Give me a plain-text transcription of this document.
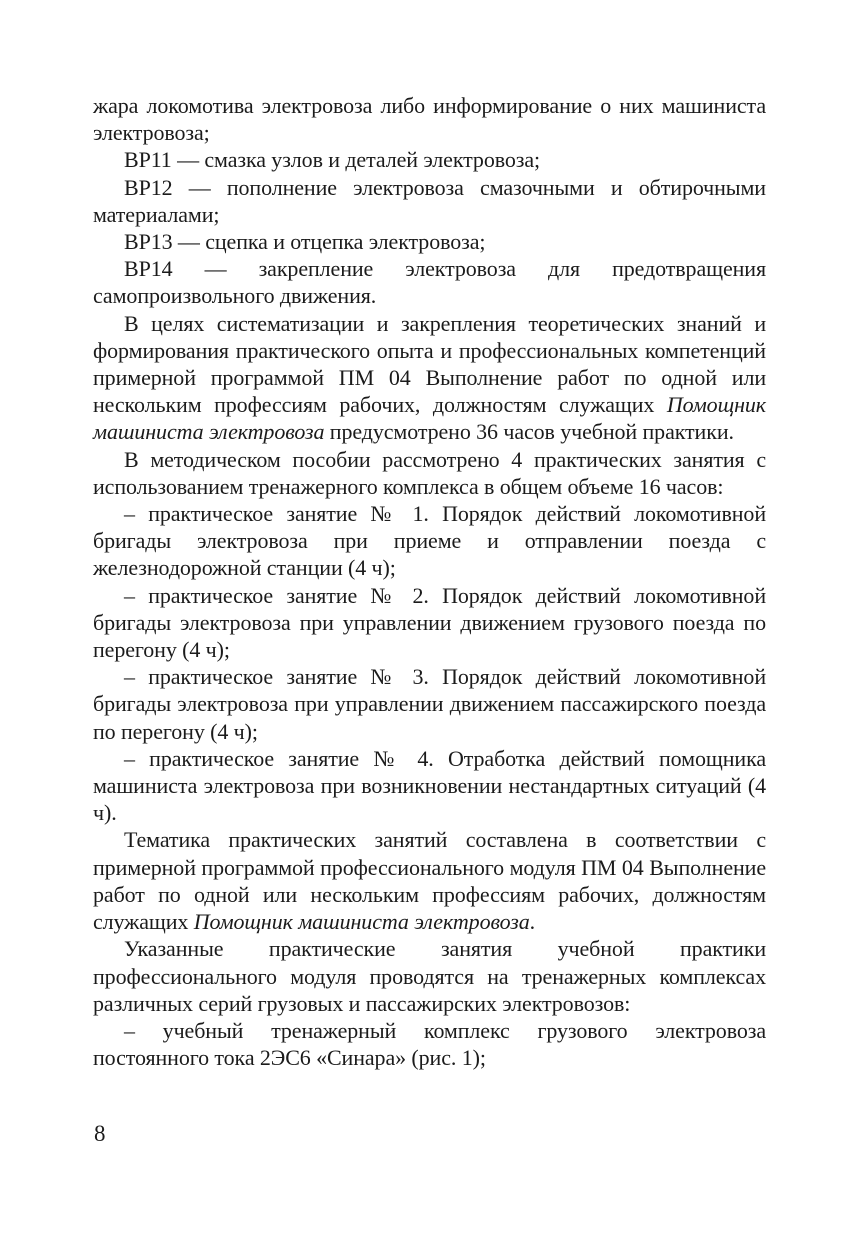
жара локомотива электровоза либо информирование о них машиниста электровоза;

ВР11 — смазка узлов и деталей электровоза;

ВР12 — пополнение электровоза смазочными и обтирочными материалами;

ВР13 — сцепка и отцепка электровоза;

ВР14 — закрепление электровоза для предотвращения самопроизвольного движения.

В целях систематизации и закрепления теоретических знаний и формирования практического опыта и профессиональных компетенций примерной программой ПМ 04 Выполнение работ по одной или нескольким профессиям рабочих, должностям служащих Помощник машиниста электровоза предусмотрено 36 часов учебной практики.

В методическом пособии рассмотрено 4 практических занятия с использованием тренажерного комплекса в общем объеме 16 часов:

– практическое занятие № 1. Порядок действий локомотивной бригады электровоза при приеме и отправлении поезда с железнодорожной станции (4 ч);

– практическое занятие № 2. Порядок действий локомотивной бригады электровоза при управлении движением грузового поезда по перегону (4 ч);

– практическое занятие № 3. Порядок действий локомотивной бригады электровоза при управлении движением пассажирского поезда по перегону (4 ч);

– практическое занятие № 4. Отработка действий помощника машиниста электровоза при возникновении нестандартных ситуаций (4 ч).

Тематика практических занятий составлена в соответствии с примерной программой профессионального модуля ПМ 04 Выполнение работ по одной или нескольким профессиям рабочих, должностям служащих Помощник машиниста электровоза.

Указанные практические занятия учебной практики профессионального модуля проводятся на тренажерных комплексах различных серий грузовых и пассажирских электровозов:

– учебный тренажерный комплекс грузового электровоза постоянного тока 2ЭС6 «Синара» (рис. 1);

8
